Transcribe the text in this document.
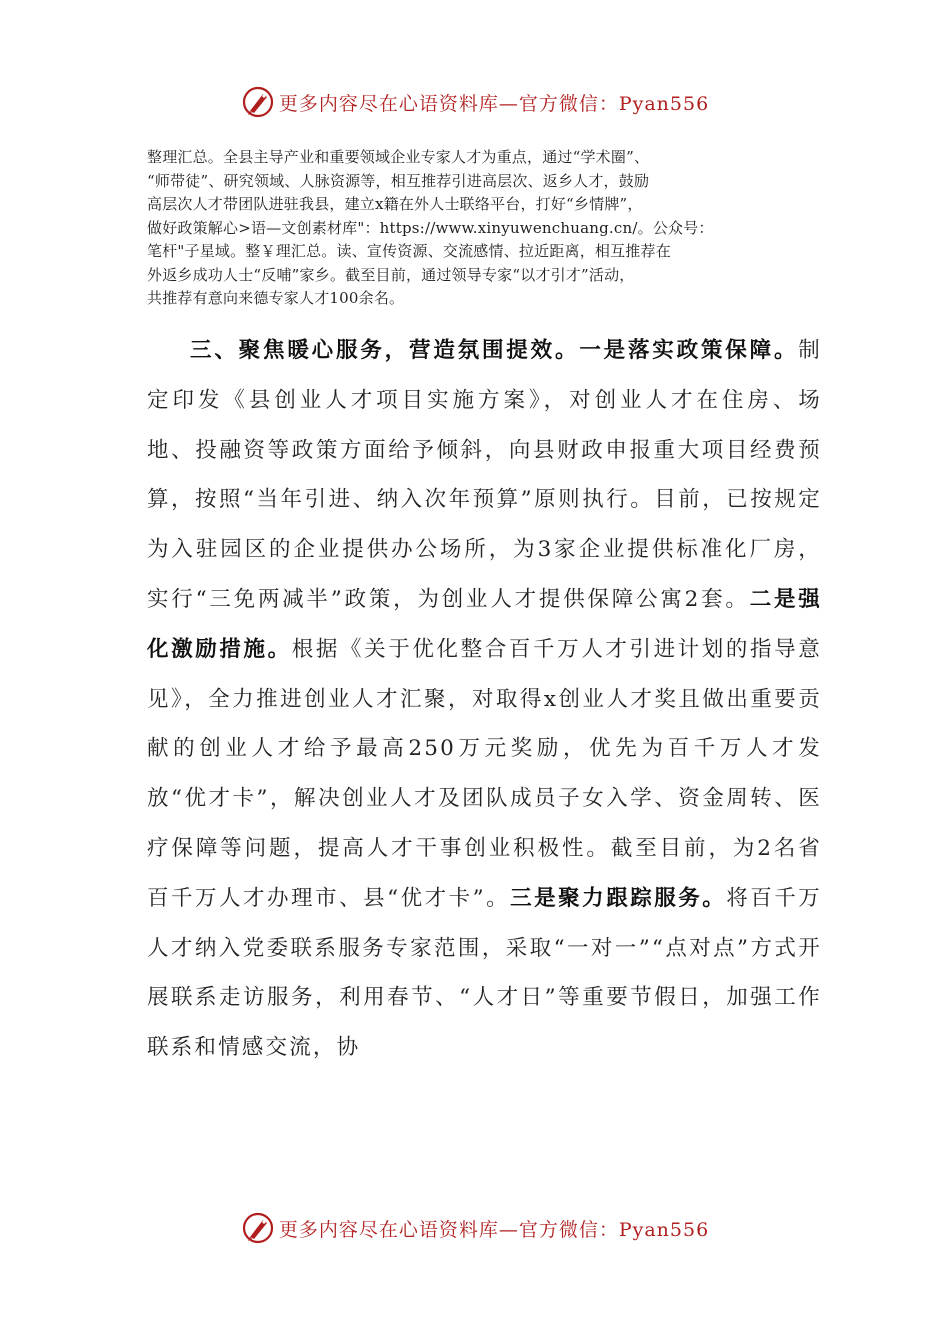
更多内容尽在心语资料库—官方微信：Pyan556
整理汇总。全县主导产业和重要领域企业专家人才为重点，通过“学术圈”、
“师带徒”、研究领域、人脉资源等，相互推荐引进高层次、返乡人才，鼓励
高层次人才带团队进驻我县，建立x籍在外人士联络平台，打好“乡情牌”，
做好政策解心>语—文创素材库"：https://www.xinyuwenchuang.cn/。公众号：
笔杆"子星域。整￥理汇总。读、宣传资源、交流感情、拉近距离，相互推荐在
外返乡成功人士“反哺”家乡。截至目前，通过领导专家“以才引才”活动，
共推荐有意向来德专家人才100余名。

三、聚焦暖心服务，营造氛围提效。一是落实政策保障。制定印发《县创业人才项目实施方案》，对创业人才在住房、场地、投融资等政策方面给予倾斜，向县财政申报重大项目经费预算，按照“当年引进、纳入次年预算”原则执行。目前，已按规定为入驻园区的企业提供办公场所，为3家企业提供标准化厂房，实行“三免两减半”政策，为创业人才提供保障公寓2套。二是强化激励措施。根据《关于优化整合百千万人才引进计划的指导意见》，全力推进创业人才汇聚，对取得x创业人才奖且做出重要贡献的创业人才给予最高250万元奖励，优先为百千万人才发放“优才卡”，解决创业人才及团队成员子女入学、资金周转、医疗保障等问题，提高人才干事创业积极性。截至目前，为2名省百千万人才办理市、县“优才卡”。三是聚力跟踪服务。将百千万人才纳入党委联系服务专家范围，采取“一对一”“点对点”方式开展联系走访服务，利用春节、“人才日”等重要节假日，加强工作联系和情感交流，协

更多内容尽在心语资料库—官方微信：Pyan556
